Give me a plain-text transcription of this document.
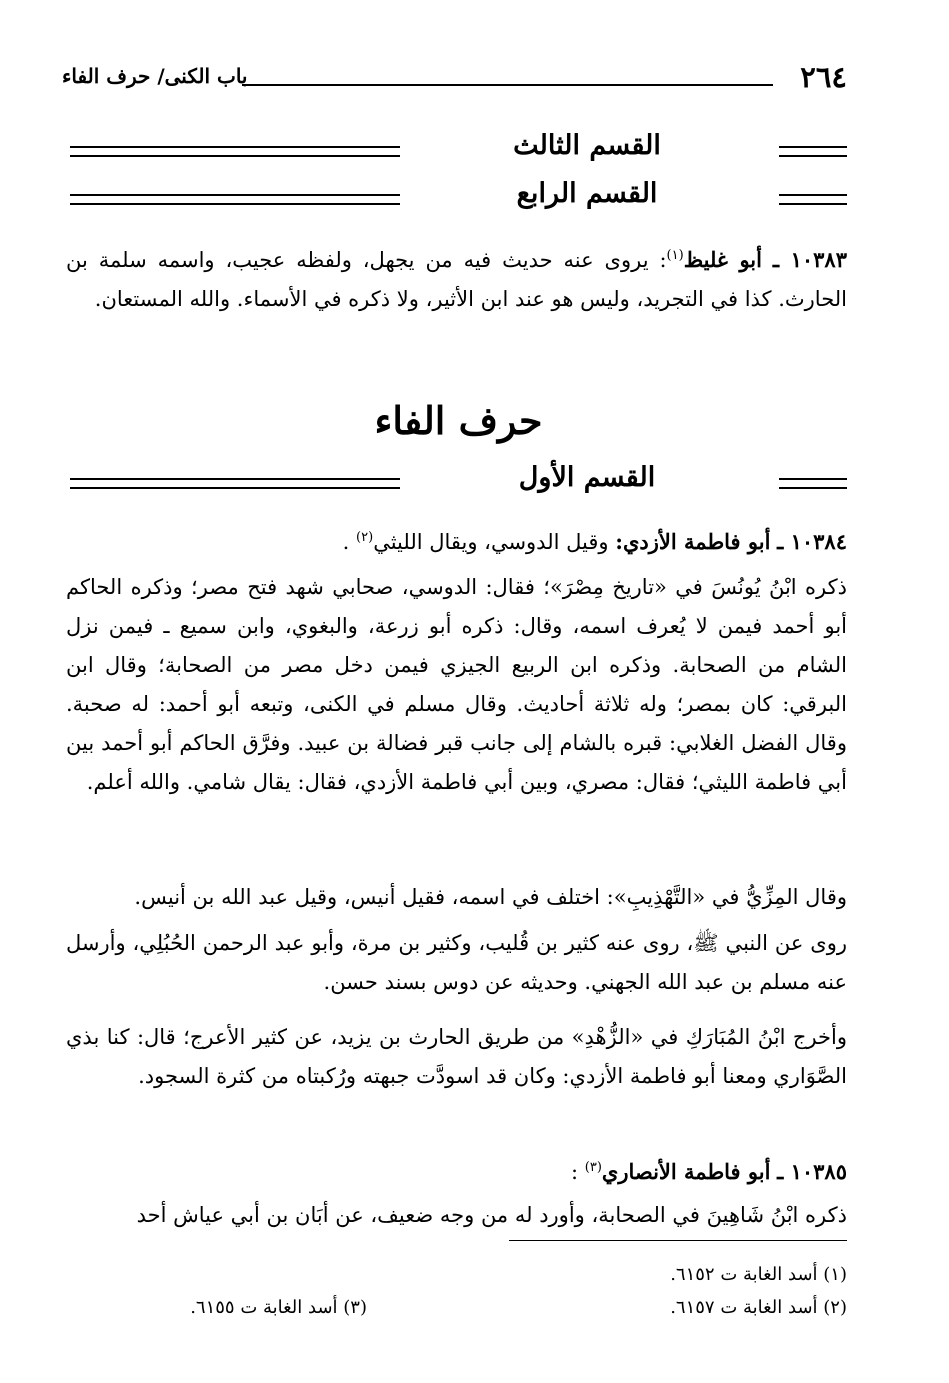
٢٦٤
باب الكنى/ حرف الفاء
القسم الثالث
القسم الرابع
١٠٣٨٣ ـ أبو غليظ$^{(١)}$: يروى عنه حديث فيه من يجهل، ولفظه عجيب، واسمه سلمة بن الحارث. كذا في التجريد، وليس هو عند ابن الأثير، ولا ذكره في الأسماء. والله المستعان.
حرف الفاء
القسم الأول
١٠٣٨٤ ـ أبو فاطمة الأزدي: وقيل الدوسي، ويقال الليثي$^{(٢)}$ .
ذكره ابْنُ يُونُسَ في «تاريخ مِصْرَ»؛ فقال: الدوسي، صحابي شهد فتح مصر؛ وذكره الحاكم أبو أحمد فيمن لا يُعرف اسمه، وقال: ذكره أبو زرعة، والبغوي، وابن سميع ـ فيمن نزل الشام من الصحابة. وذكره ابن الربيع الجيزي فيمن دخل مصر من الصحابة؛ وقال ابن البرقي: كان بمصر؛ وله ثلاثة أحاديث. وقال مسلم في الكنى، وتبعه أبو أحمد: له صحبة. وقال الفضل الغلابي: قبره بالشام إلى جانب قبر فضالة بن عبيد. وفرَّق الحاكم أبو أحمد بين أبي فاطمة الليثي؛ فقال: مصري، وبين أبي فاطمة الأزدي، فقال: يقال شامي. والله أعلم.
وقال المِزِّيُّ في «التَّهْذِيبِ»: اختلف في اسمه، فقيل أنيس، وقيل عبد الله بن أنيس.
روى عن النبي ﷺ، روى عنه كثير بن قُليب، وكثير بن مرة، وأبو عبد الرحمن الحُبُلِي، وأرسل عنه مسلم بن عبد الله الجهني. وحديثه عن دوس بسند حسن.
وأخرج ابْنُ المُبَارَكِ في «الزُّهْدِ» من طريق الحارث بن يزيد، عن كثير الأعرج؛ قال: كنا بذي الصَّوَاري ومعنا أبو فاطمة الأزدي: وكان قد اسودَّت جبهته ورُكبتاه من كثرة السجود.
١٠٣٨٥ ـ أبو فاطمة الأنصاري$^{(٣)}$ :
ذكره ابْنُ شَاهِينَ في الصحابة، وأورد له من وجه ضعيف، عن أبَان بن أبي عياش أحد
(١) أسد الغابة ت ٦١٥٢.
(٢) أسد الغابة ت ٦١٥٧.
(٣) أسد الغابة ت ٦١٥٥.
